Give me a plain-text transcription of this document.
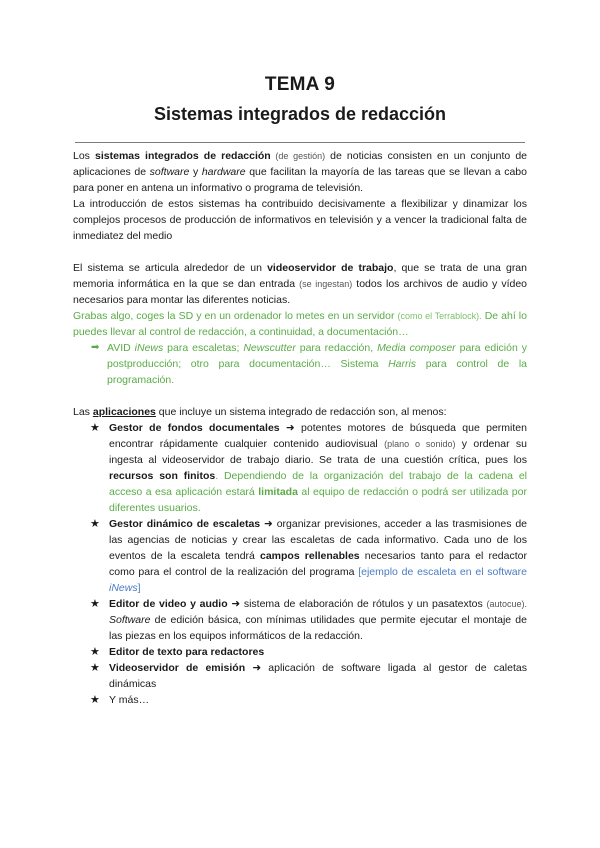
TEMA 9
Sistemas integrados de redacción

Los sistemas integrados de redacción (de gestión) de noticias consisten en un conjunto de aplicaciones de software y hardware que facilitan la mayoría de las tareas que se llevan a cabo para poner en antena un informativo o programa de televisión.

La introducción de estos sistemas ha contribuido decisivamente a flexibilizar y dinamizar los complejos procesos de producción de informativos en televisión y a vencer la tradicional falta de inmediatez del medio

El sistema se articula alrededor de un videoservidor de trabajo, que se trata de una gran memoria informática en la que se dan entrada (se ingestan) todos los archivos de audio y vídeo necesarios para montar las diferentes noticias.

Grabas algo, coges la SD y en un ordenador lo metes en un servidor (como el Terrablock). De ahí lo puedes llevar al control de redacción, a continuidad, a documentación…

➡ AVID iNews para escaletas; Newscutter para redacción, Media composer para edición y postproducción; otro para documentación… Sistema Harris para control de la programación.

Las aplicaciones que incluye un sistema integrado de redacción son, al menos:

★ Gestor de fondos documentales ➜ potentes motores de búsqueda que permiten encontrar rápidamente cualquier contenido audiovisual (plano o sonido) y ordenar su ingesta al videoservidor de trabajo diario. Se trata de una cuestión crítica, pues los recursos son finitos. Dependiendo de la organización del trabajo de la cadena el acceso a esa aplicación estará limitada al equipo de redacción o podrá ser utilizada por diferentes usuarios.
★ Gestor dinámico de escaletas ➜ organizar previsiones, acceder a las trasmisiones de las agencias de noticias y crear las escaletas de cada informativo. Cada uno de los eventos de la escaleta tendrá campos rellenables necesarios tanto para el redactor como para el control de la realización del programa [ejemplo de escaleta en el software iNews]
★ Editor de video y audio ➜ sistema de elaboración de rótulos y un pasatextos (autocue). Software de edición básica, con mínimas utilidades que permite ejecutar el montaje de las piezas en los equipos informáticos de la redacción.
★ Editor de texto para redactores
★ Videoservidor de emisión ➜ aplicación de software ligada al gestor de caletas dinámicas
★ Y más…
